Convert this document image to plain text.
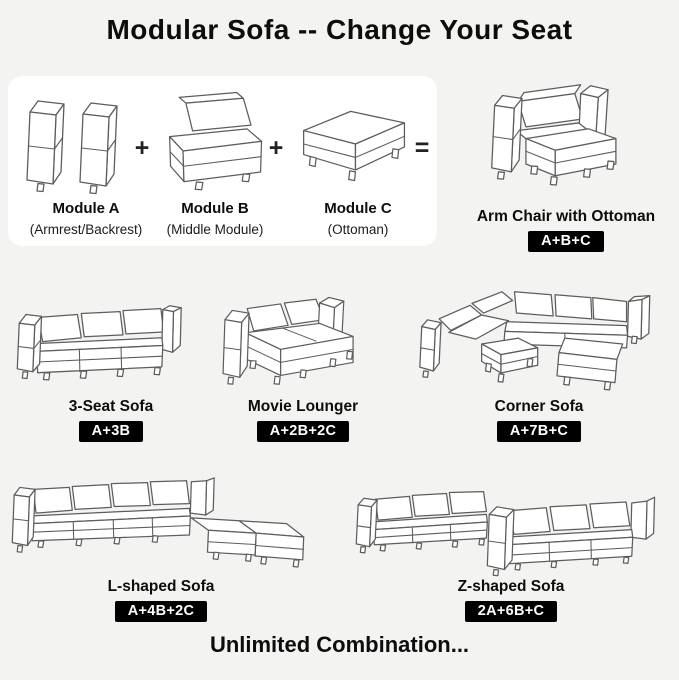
Modular Sofa -- Change Your Seat
+	+	=
Module A
(Armrest/Backrest)
Module B
(Middle Module)
Module C
(Ottoman)
Arm Chair with Ottoman
A+B+C
3-Seat Sofa
A+3B
Movie Lounger
A+2B+2C
Corner Sofa
A+7B+C
L-shaped Sofa
A+4B+2C
Z-shaped Sofa
2A+6B+C
Unlimited Combination...
